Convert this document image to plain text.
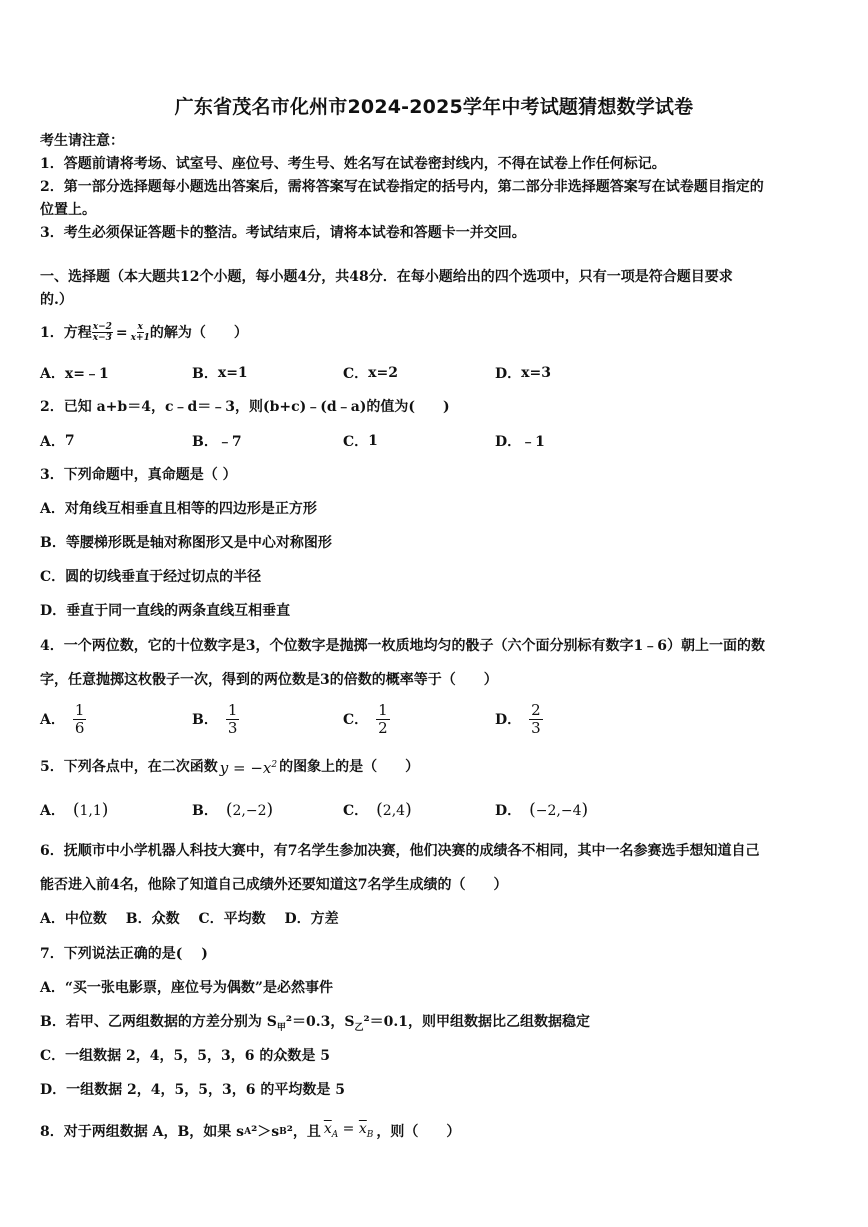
广东省茂名市化州市2024-2025学年中考试题猜想数学试卷
考生请注意：
1．答题前请将考场、试室号、座位号、考生号、姓名写在试卷密封线内，不得在试卷上作任何标记。
2．第一部分选择题每小题选出答案后，需将答案写在试卷指定的括号内，第二部分非选择题答案写在试卷题目指定的
位置上。
3．考生必须保证答题卡的整洁。考试结束后，请将本试卷和答题卡一并交回。
一、选择题（本大题共12个小题，每小题4分，共48分．在每小题给出的四个选项中，只有一项是符合题目要求
的.）
1．方程 $\frac{x-2}{x-3} = \frac{x}{x+1}$ 的解为（　　）
A． x=﹣1	B． x=1	C． x=2	D． x=3
2．已知 a+b＝4，c﹣d＝﹣3，则(b+c)﹣(d﹣a)的值为(　　)
A． 7	B． ﹣7	C． 1	D． ﹣1
3．下列命题中，真命题是（ ）
A．对角线互相垂直且相等的四边形是正方形
B．等腰梯形既是轴对称图形又是中心对称图形
C．圆的切线垂直于经过切点的半径
D．垂直于同一直线的两条直线互相垂直
4．一个两位数，它的十位数字是3，个位数字是抛掷一枚质地均匀的骰子（六个面分别标有数字1﹣6）朝上一面的数
字，任意抛掷这枚骰子一次，得到的两位数是3的倍数的概率等于（　　）
A． $\frac{1}{6}$	B． $\frac{1}{3}$	C． $\frac{1}{2}$	D． $\frac{2}{3}$
5．下列各点中，在二次函数 $y = -x^2$ 的图象上的是（　　）
A． (1,1)	B． (2,−2)	C． (2,4)	D． (−2,−4)
6．抚顺市中小学机器人科技大赛中，有7名学生参加决赛，他们决赛的成绩各不相同，其中一名参赛选手想知道自己
能否进入前4名，他除了知道自己成绩外还要知道这7名学生成绩的（　　）
A．中位数　 B．众数　 C．平均数　 D．方差
7．下列说法正确的是(　 )
A．“买一张电影票，座位号为偶数”是必然事件
B．若甲、乙两组数据的方差分别为 $S_甲^2=0.3$，$S_乙^2=0.1$，则甲组数据比乙组数据稳定
C．一组数据 2，4，5，5，3，6 的众数是 5
D．一组数据 2，4，5，5，3，6 的平均数是 5
8．对于两组数据 A，B，如果 s A ²＞s B ²，且 $\overline{x}_A = \overline{x}_B$ ，则（　　）
